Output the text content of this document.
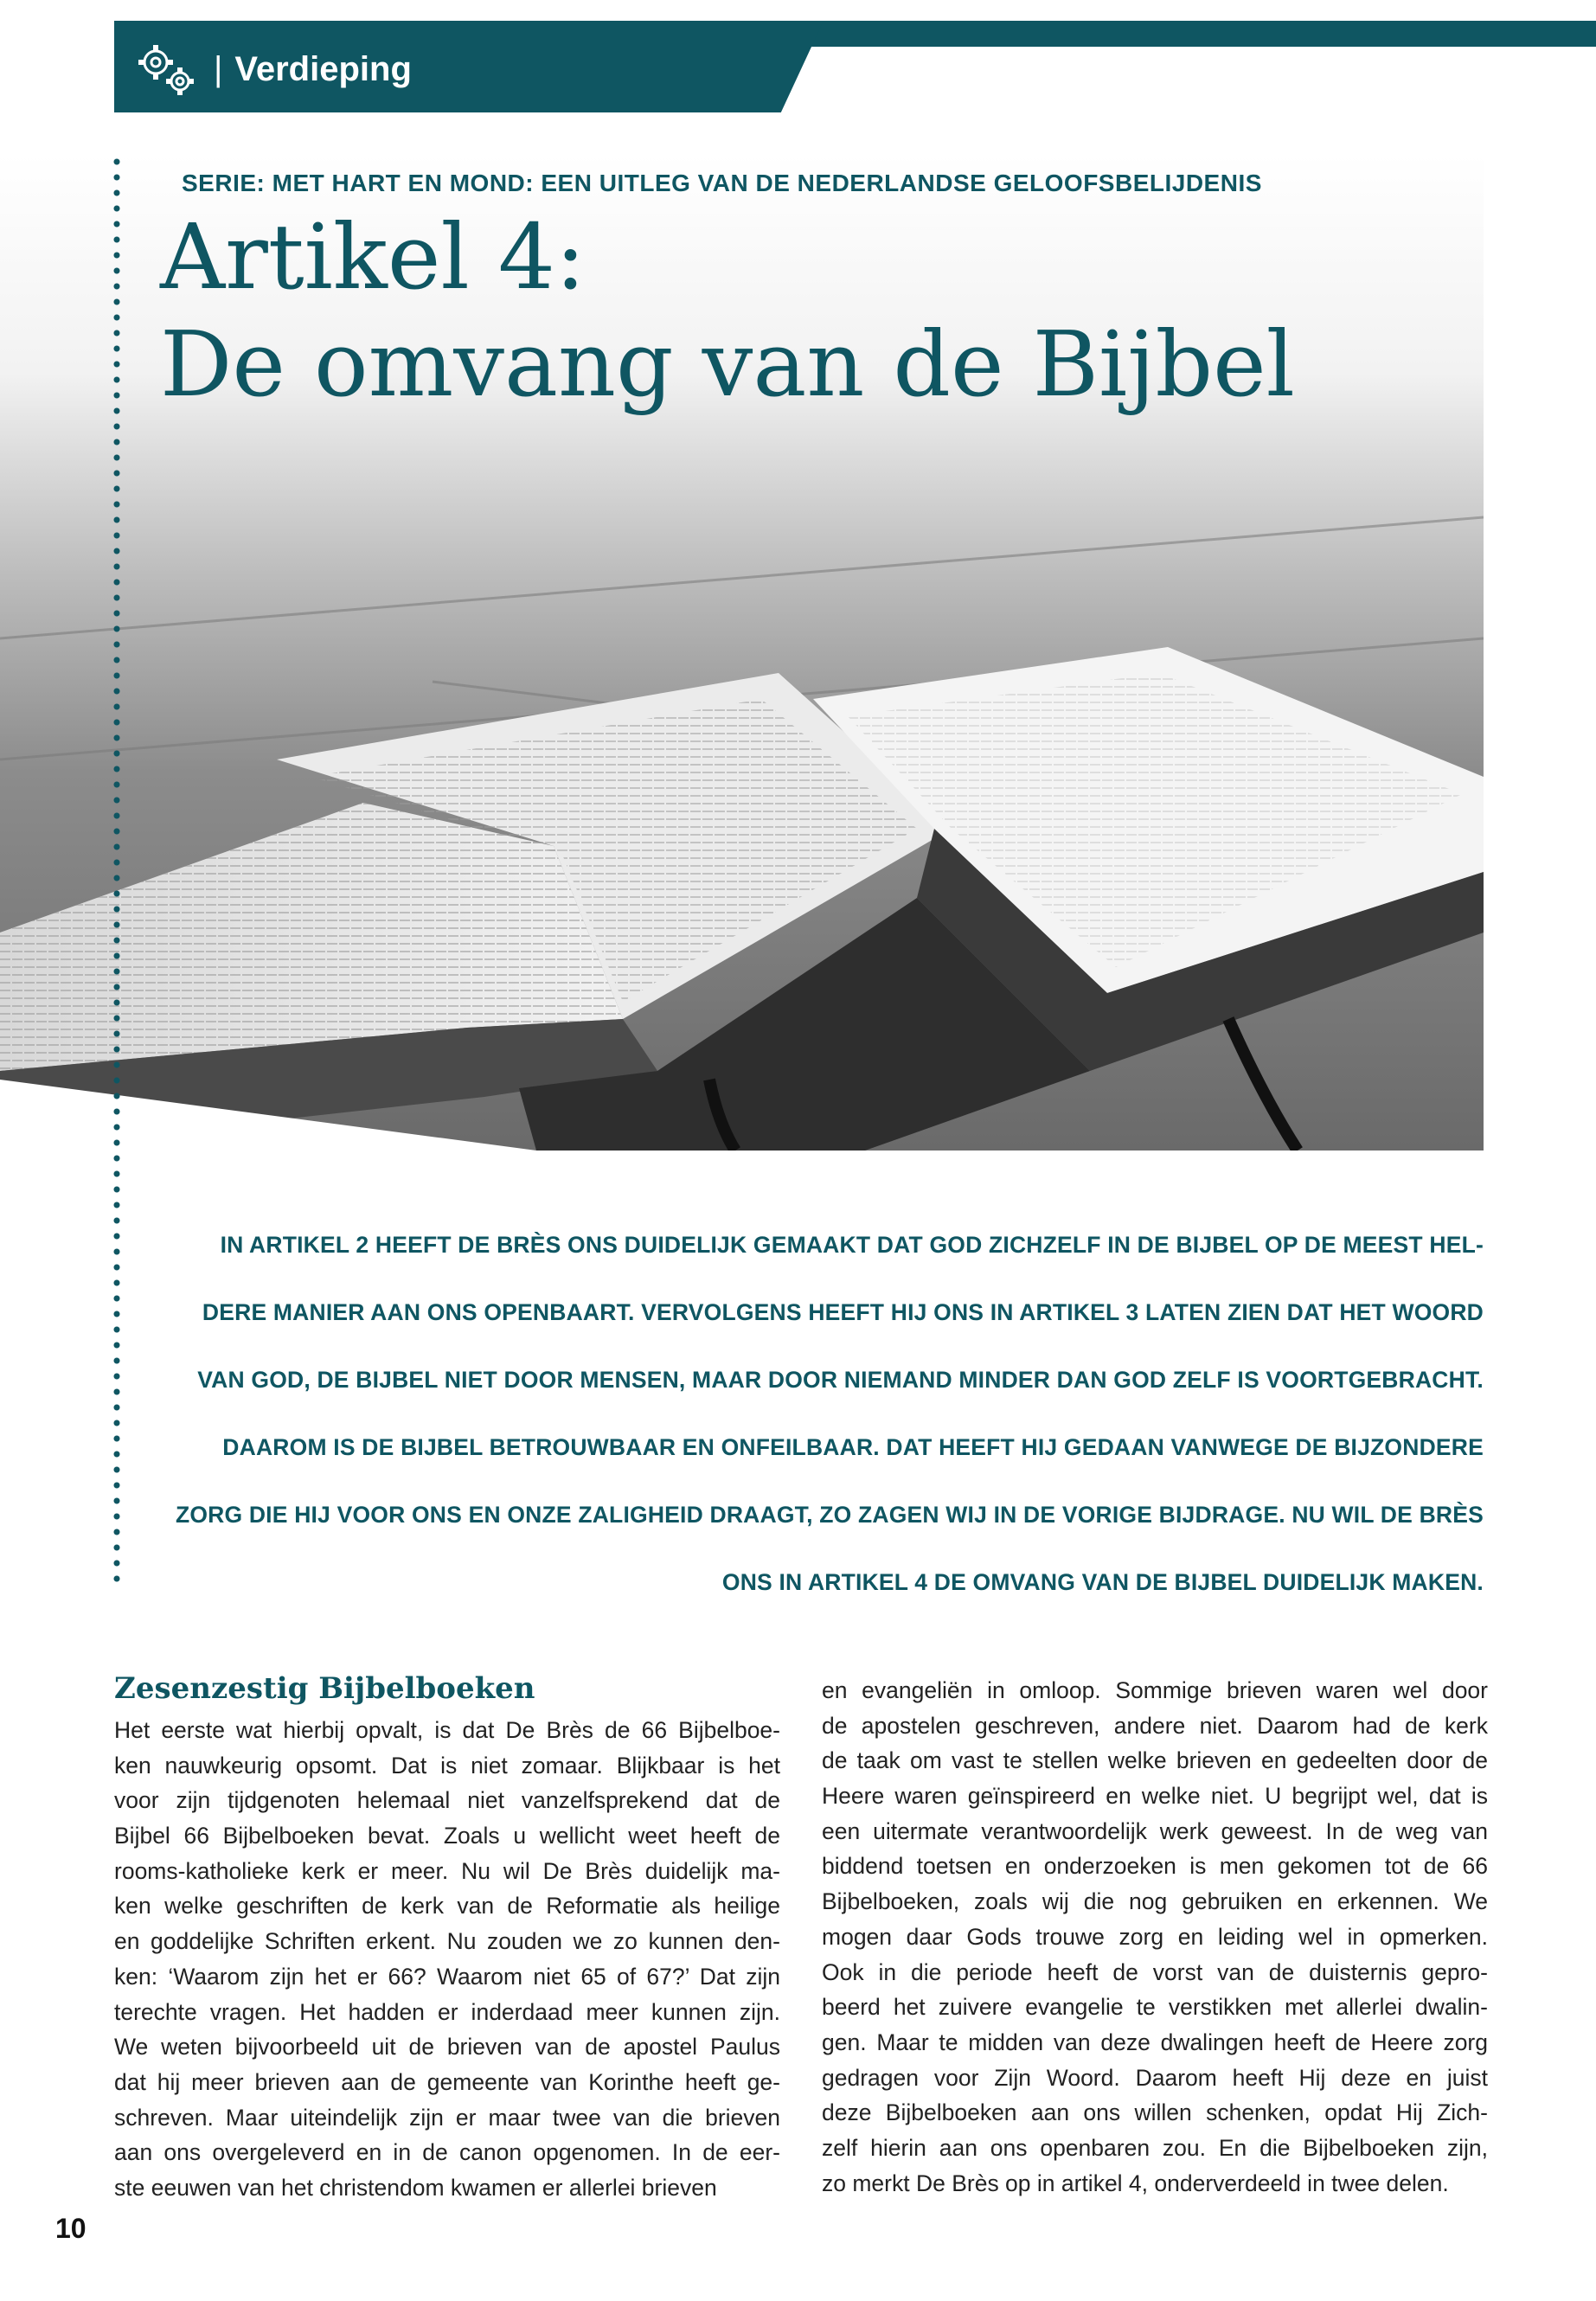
| Verdieping
SERIE: MET HART EN MOND: EEN UITLEG VAN DE NEDERLANDSE GELOOFSBELIJDENIS
Artikel 4:
De omvang van de Bijbel

IN ARTIKEL 2 HEEFT DE BRÈS ONS DUIDELIJK GEMAAKT DAT GOD ZICHZELF IN DE BIJBEL OP DE MEEST HEL-

DERE MANIER AAN ONS OPENBAART. VERVOLGENS HEEFT HIJ ONS IN ARTIKEL 3 LATEN ZIEN DAT HET WOORD

VAN GOD, DE BIJBEL NIET DOOR MENSEN, MAAR DOOR NIEMAND MINDER DAN GOD ZELF IS VOORTGEBRACHT.

DAAROM IS DE BIJBEL BETROUWBAAR EN ONFEILBAAR. DAT HEEFT HIJ GEDAAN VANWEGE DE BIJZONDERE

ZORG DIE HIJ VOOR ONS EN ONZE ZALIGHEID DRAAGT, ZO ZAGEN WIJ IN DE VORIGE BIJDRAGE. NU WIL DE BRÈS

ONS IN ARTIKEL 4 DE OMVANG VAN DE BIJBEL DUIDELIJK MAKEN.

Zesenzestig Bijbelboeken

Het eerste wat hierbij opvalt, is dat De Brès de 66 Bijbelboe-

ken nauwkeurig opsomt. Dat is niet zomaar. Blijkbaar is het

voor zijn tijdgenoten helemaal niet vanzelfsprekend dat de

Bijbel 66 Bijbelboeken bevat. Zoals u wellicht weet heeft de

rooms-katholieke kerk er meer. Nu wil De Brès duidelijk ma-

ken welke geschriften de kerk van de Reformatie als heilige

en goddelijke Schriften erkent. Nu zouden we zo kunnen den-

ken: ‘Waarom zijn het er 66? Waarom niet 65 of 67?’ Dat zijn

terechte vragen. Het hadden er inderdaad meer kunnen zijn.

We weten bijvoorbeeld uit de brieven van de apostel Paulus

dat hij meer brieven aan de gemeente van Korinthe heeft ge-

schreven. Maar uiteindelijk zijn er maar twee van die brieven

aan ons overgeleverd en in de canon opgenomen. In de eer-

ste eeuwen van het christendom kwamen er allerlei brieven

en evangeliën in omloop. Sommige brieven waren wel door

de apostelen geschreven, andere niet. Daarom had de kerk

de taak om vast te stellen welke brieven en gedeelten door de

Heere waren geïnspireerd en welke niet. U begrijpt wel, dat is

een uitermate verantwoordelijk werk geweest. In de weg van

biddend toetsen en onderzoeken is men gekomen tot de 66

Bijbelboeken, zoals wij die nog gebruiken en erkennen. We

mogen daar Gods trouwe zorg en leiding wel in opmerken.

Ook in die periode heeft de vorst van de duisternis gepro-

beerd het zuivere evangelie te verstikken met allerlei dwalin-

gen. Maar te midden van deze dwalingen heeft de Heere zorg

gedragen voor Zijn Woord. Daarom heeft Hij deze en juist

deze Bijbelboeken aan ons willen schenken, opdat Hij Zich-

zelf hierin aan ons openbaren zou. En die Bijbelboeken zijn,

zo merkt De Brès op in artikel 4, onderverdeeld in twee delen.

10
